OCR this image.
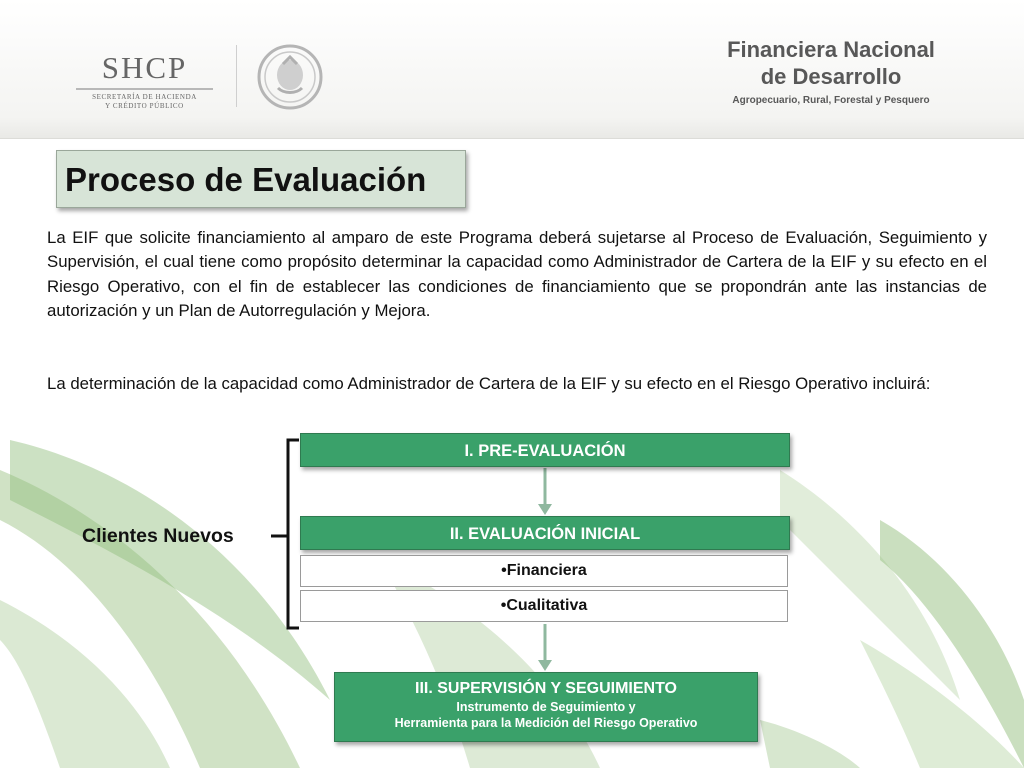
SHCP
SECRETARÍA DE HACIENDA
Y CRÉDITO PÚBLICO
Financiera Nacional
de Desarrollo
Agropecuario, Rural, Forestal y Pesquero
Proceso de Evaluación
La EIF que solicite financiamiento al amparo de este Programa deberá sujetarse al Proceso de Evaluación, Seguimiento y Supervisión, el cual tiene como propósito determinar la capacidad como Administrador de Cartera de la EIF y su efecto en el Riesgo Operativo, con el fin de establecer las condiciones de financiamiento que se propondrán ante las instancias de autorización y un Plan de Autorregulación y Mejora.
La determinación de la capacidad como Administrador de Cartera de la EIF y su efecto en el Riesgo Operativo incluirá:
Clientes Nuevos
I. PRE-EVALUACIÓN
II. EVALUACIÓN INICIAL
•Financiera
•Cualitativa
III. SUPERVISIÓN Y SEGUIMIENTO
Instrumento de Seguimiento y
Herramienta para la Medición del Riesgo Operativo
